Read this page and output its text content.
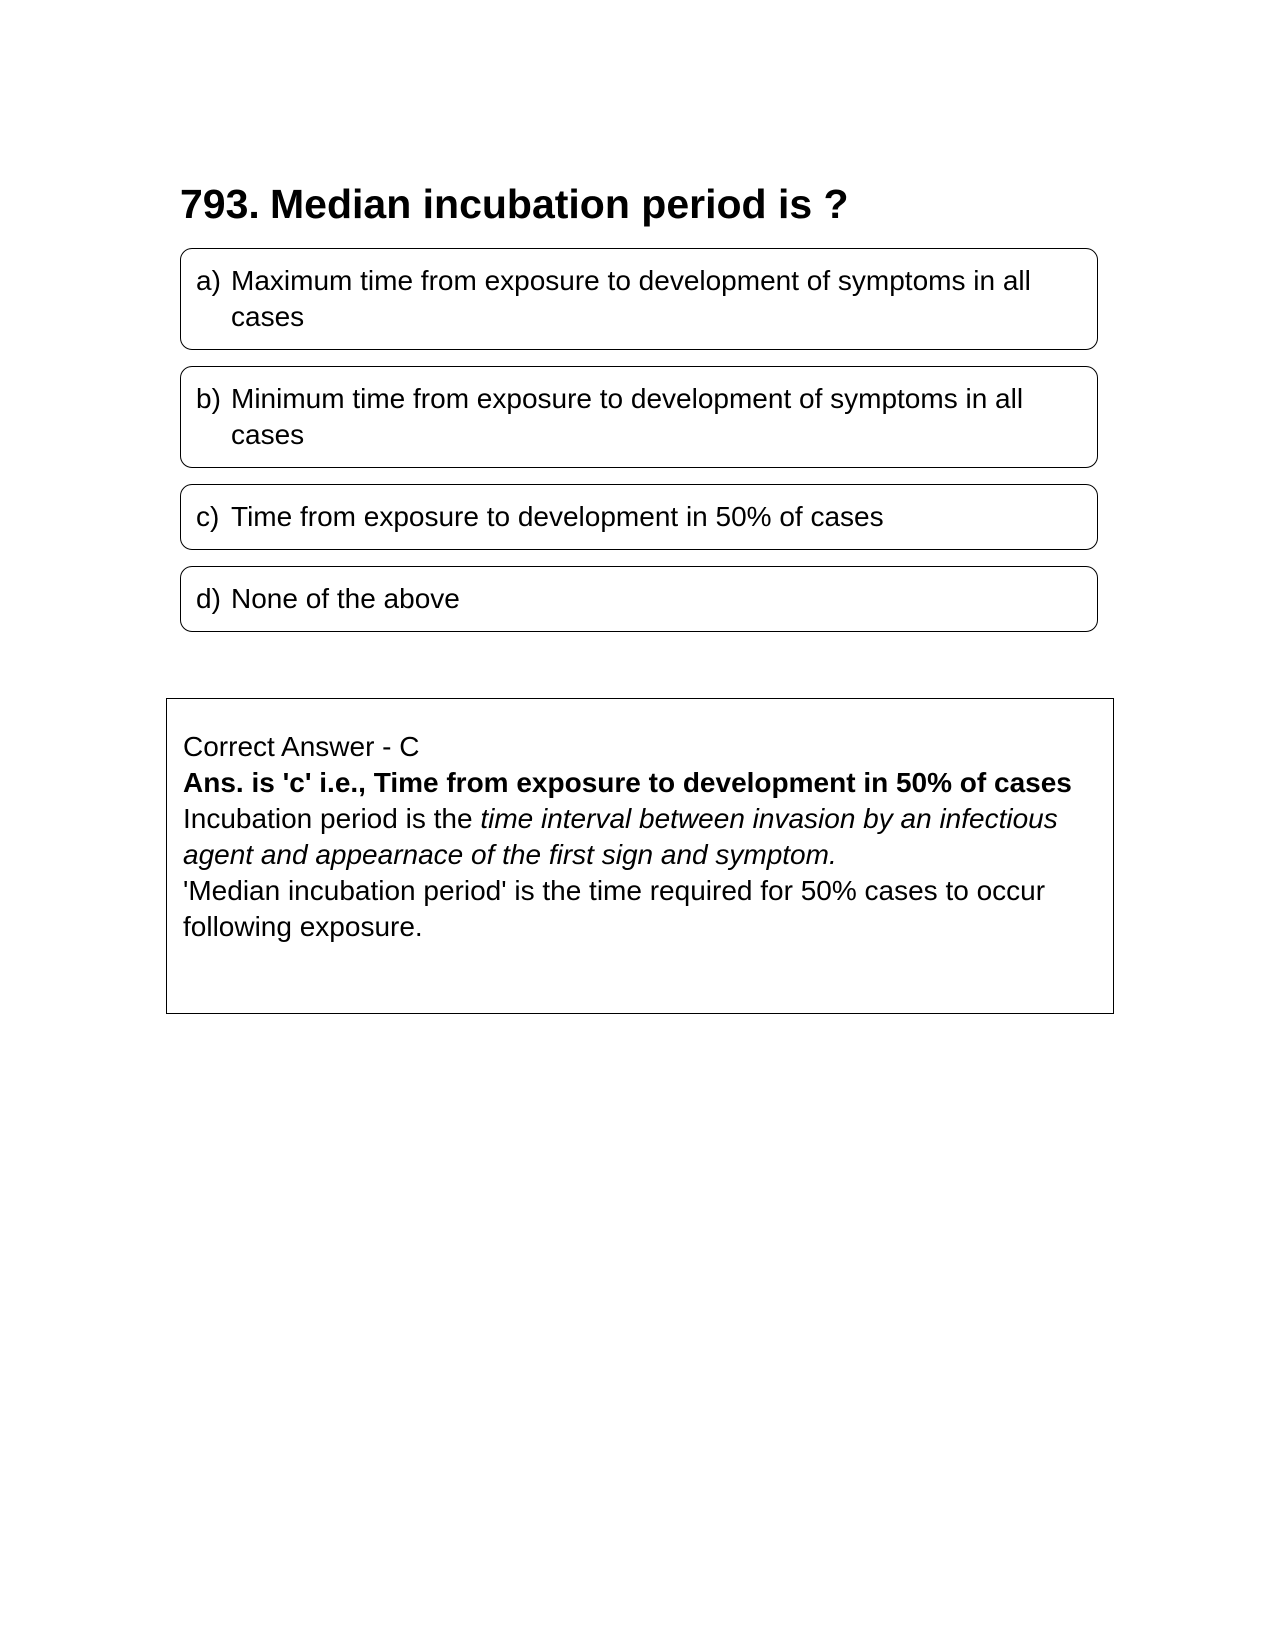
793. Median incubation period is ?
a) Maximum time from exposure to development of symptoms in all cases
b) Minimum time from exposure to development of symptoms in all cases
c) Time from exposure to development in 50% of cases
d) None of the above

Correct Answer - C

Ans. is 'c' i.e., Time from exposure to development in 50% of cases

Incubation period is the time interval between invasion by an infectious agent and appearnace of the first sign and symptom.

'Median incubation period' is the time required for 50% cases to occur following exposure.
